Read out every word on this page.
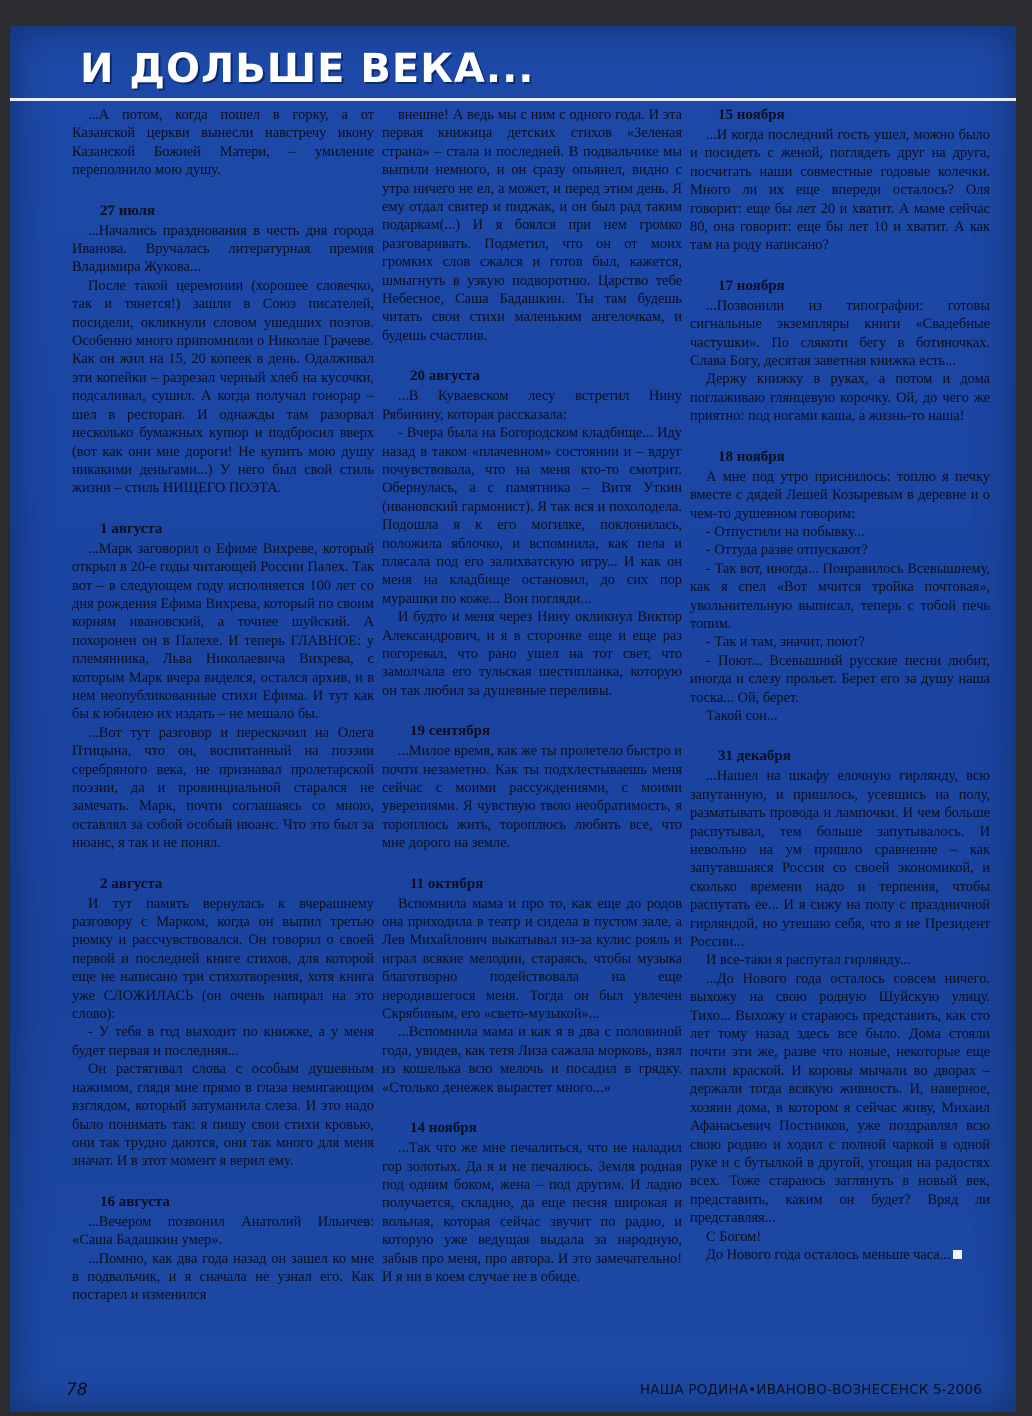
И ДОЛЬШЕ ВЕКА...

...А потом, когда пошел в горку, а от Казанской церкви вынесли навстречу икону Казанской Божией Матери, – умиление переполнило мою душу.

27 июля

...Начались празднования в честь дня города Иванова. Вручалась литературная премия Владимира Жукова...

После такой церемонии (хорошее словечко, так и тянется!) зашли в Союз писателей, посидели, окликнули словом ушедших поэтов. Особенно много припомнили о Николае Грачеве. Как он жил на 15, 20 копеек в день. Одалживал эти копейки – разрезал черный хлеб на кусочки, подсаливал, сушил. А когда получал гонорар – шел в ресторан. И однажды там разорвал несколько бумажных купюр и подбросил вверх (вот как они мне дороги! Не купить мою душу никакими деньгами...) У него был свой стиль жизни – стиль НИЩЕГО ПОЭТА.

1 августа

...Марк заговорил о Ефиме Вихреве, который открыл в 20-е годы читающей России Палех. Так вот – в следующем году исполняется 100 лет со дня рождения Ефима Вихрева, который по своим корням ивановский, а точнее шуйский. А похоронен он в Палехе. И теперь ГЛАВНОЕ: у племянника, Льва Николаевича Вихрева, с которым Марк вчера виделся, остался архив, и в нем неопубликованные стихи Ефима. И тут как бы к юбилею их издать – не мешало бы.

...Вот тут разговор и перескочил на Олега Птицына, что он, воспитанный на поэзии серебряного века, не признавал пролетарской поэзии, да и провинциальной старался не замечать. Марк, почти соглашаясь со мною, оставлял за собой особый нюанс. Что это был за нюанс, я так и не понял.

2 августа

И тут память вернулась к вчерашнему разговору с Марком, когда он выпил третью рюмку и рассчувствовался. Он говорил о своей первой и последней книге стихов, для которой еще не написано три стихотворения, хотя книга уже СЛОЖИЛАСЬ (он очень напирал на это слово):

- У тебя в год выходит по книжке, а у меня будет первая и последняя...

Он растягивал слова с особым душевным нажимом, глядя мне прямо в глаза немигающим взглядом, который затуманила слеза. И это надо было понимать так: я пишу свои стихи кровью, они так трудно даются, они так много для меня значат. И в этот момент я верил ему.

16 августа

...Вечером позвонил Анатолий Ильичев: «Саша Бадашкин умер».

...Помню, как два года назад он зашел ко мне в подвальчик, и я сначала не узнал его. Как постарел и изменился

внешне! А ведь мы с ним с одного года. И эта первая книжица детских стихов «Зеленая страна» – стала и последней. В подвальчике мы выпили немного, и он сразу опьянел, видно с утра ничего не ел, а может, и перед этим день. Я ему отдал свитер и пиджак, и он был рад таким подаркам(...) И я боялся при нем громко разговаривать. Подметил, что он от моих громких слов сжался и готов был, кажется, шмыгнуть в узкую подворотню. Царство тебе Небесное, Саша Бадашкин. Ты там будешь читать свои стихи маленьким ангелочкам, и будешь счастлив.

20 августа

...В Куваевском лесу встретил Нину Рябинину, которая рассказала:

- Вчера была на Богородском кладбище... Иду назад в таком «плачевном» состоянии и – вдруг почувствовала, что на меня кто-то смотрит. Обернулась, а с памятника – Витя Уткин (ивановский гармонист). Я так вся и похолодела. Подошла я к его могилке, поклонилась, положила яблочко, и вспомнила, как пела и плясала под его залихватскую игру... И как он меня на кладбище остановил, до сих пор мурашки по коже... Вон погляди...

И будто и меня через Нину окликнул Виктор Александрович, и я в сторонке еще и еще раз погоревал, что рано ушел на тот свет, что замолчала его тульская шестипланка, которую он так любил за душевные переливы.

19 сентября

...Милое время, как же ты пролетело быстро и почти незаметно. Как ты подхлестываешь меня сейчас с моими рассуждениями, с моими уверениями. Я чувствую твою необратимость, я тороплюсь жить, тороплюсь любить все, что мне дорого на земле.

11 октября

Вспомнила мама и про то, как еще до родов она приходила в театр и сидела в пустом зале, а Лев Михайлович выкатывал из-за кулис рояль и играл всякие мелодии, стараясь, чтобы музыка благотворно подействовала на еще неродившегося меня. Тогда он был увлечен Скрябиным, его «свето-музыкой»...

...Вспомнила мама и как я в два с половиной года, увидев, как тетя Лиза сажала морковь, взял из кошелька всю мелочь и посадил в грядку. «Столько денежек вырастет много...»

14 ноября

...Так что же мне печалиться, что не наладил гор золотых. Да я и не печалюсь. Земля родная под одним боком, жена – под другим. И ладно получается, складно, да еще песня широкая и вольная, которая сейчас звучит по радио, и которую уже ведущая выдала за народную, забыв про меня, про автора. И это замечательно! И я ни в коем случае не в обиде.

15 ноября

...И когда последний гость ушел, можно было и посидеть с женой, поглядеть друг на друга, посчитать наши совместные годовые колечки. Много ли их еще впереди осталось? Оля говорит: еще бы лет 20 и хватит. А маме сейчас 80, она говорит: еще бы лет 10 и хватит. А как там на роду написано?

17 ноября

...Позвонили из типографии: готовы сигнальные экземпляры книги «Свадебные частушки». По слякоти бегу в ботиночках. Слава Богу, десятая заветная книжка есть...

Держу книжку в руках, а потом и дома поглаживаю глянцевую корочку. Ой, до чего же приятно: под ногами каша, а жизнь-то наша!

18 ноября

А мне под утро приснилось: топлю я печку вместе с дядей Лешей Козыревым в деревне и о чем-то душевном говорим:

- Отпустили на побывку...

- Оттуда разве отпускают?

- Так вот, иногда... Понравилось Всевышнему, как я спел «Вот мчится тройка почтовая», увольнительную выписал, теперь с тобой печь топим.

- Так и там, значит, поют?

- Поют... Всевышний русские песни любит, иногда и слезу прольет. Берет его за душу наша тоска... Ой, берет.

Такой сон...

31 декабря

...Нашел на шкафу елочную гирлянду, всю запутанную, и пришлось, усевшись на полу, разматывать провода и лампочки. И чем больше распутывал, тем больше запутывалось. И невольно на ум пришло сравнение – как запутавшаяся Россия со своей экономикой, и сколько времени надо и терпения, чтобы распутать ее... И я сижу на полу с праздничной гирляндой, но утешаю себя, что я не Президент России...

И все-таки я распутал гирлянду...

...До Нового года осталось совсем ничего. выхожу на свою родную Шуйскую улицу. Тихо... Выхожу и стараюсь представить, как сто лет тому назад здесь все было. Дома стояли почти эти же, разве что новые, некоторые еще пахли краской. И коровы мычали во дворах – держали тогда всякую живность. И, наверное, хозяин дома, в котором я сейчас живу, Михаил Афанасьевич Постников, уже поздравлял всю свою родню и ходил с полной чаркой в одной руке и с бутылкой в другой, угощая на радостях всех. Тоже стараюсь заглянуть в новый век, представить, каким он будет? Вряд ли представляя...

С Богом!

До Нового года осталось меньше часа...

78	НАША РОДИНА•ИВАНОВО-ВОЗНЕСЕНСК 5-2006
